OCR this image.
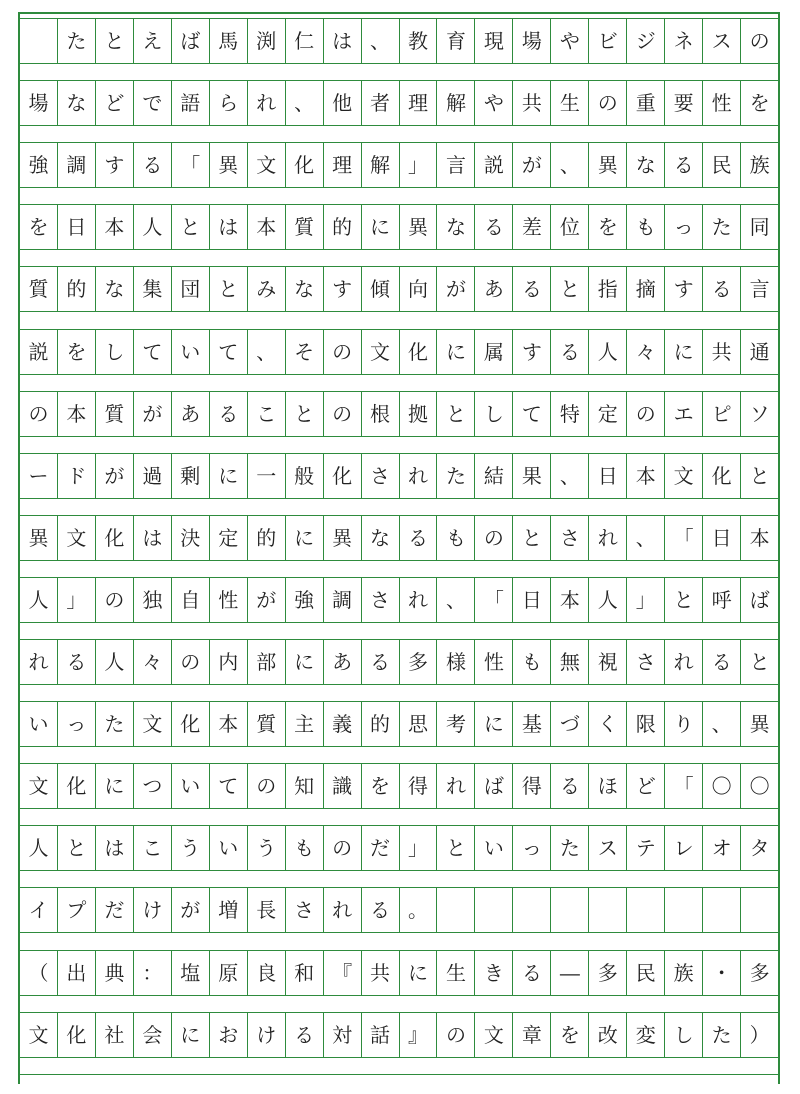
た と え ば 馬 渕 仁 は 、 教 育 現 場 や ビ ジ ネ ス の
場 な ど で 語 ら れ 、 他 者 理 解 や 共 生 の 重 要 性 を
強 調 す る 「 異 文 化 理 解 」 言 説 が 、 異 な る 民 族
を 日 本 人 と は 本 質 的 に 異 な る 差 位 を も っ た 同
質 的 な 集 団 と み な す 傾 向 が あ る と 指 摘 す る 言
説 を し て い て 、 そ の 文 化 に 属 す る 人 々 に 共 通
の 本 質 が あ る こ と の 根 拠 と し て 特 定 の エ ピ ソ
ー ド が 過 剰 に 一 般 化 さ れ た 結 果 、 日 本 文 化 と
異 文 化 は 決 定 的 に 異 な る も の と さ れ 、 「 日 本
人 」 の 独 自 性 が 強 調 さ れ 、 「 日 本 人 」 と 呼 ば
れ る 人 々 の 内 部 に あ る 多 様 性 も 無 視 さ れ る と
い っ た 文 化 本 質 主 義 的 思 考 に 基 づ く 限 り 、 異
文 化 に つ い て の 知 識 を 得 れ ば 得 る ほ ど 「 〇 〇
人 と は こ う い う も の だ 」 と い っ た ス テ レ オ タ
イ プ だ け が 増 長 さ れ る 。
（ 出 典 ： 塩 原 良 和 『 共 に 生 き る ― 多 民 族 ・ 多
文 化 社 会 に お け る 対 話 』 の 文 章 を 改 変 し た ）
